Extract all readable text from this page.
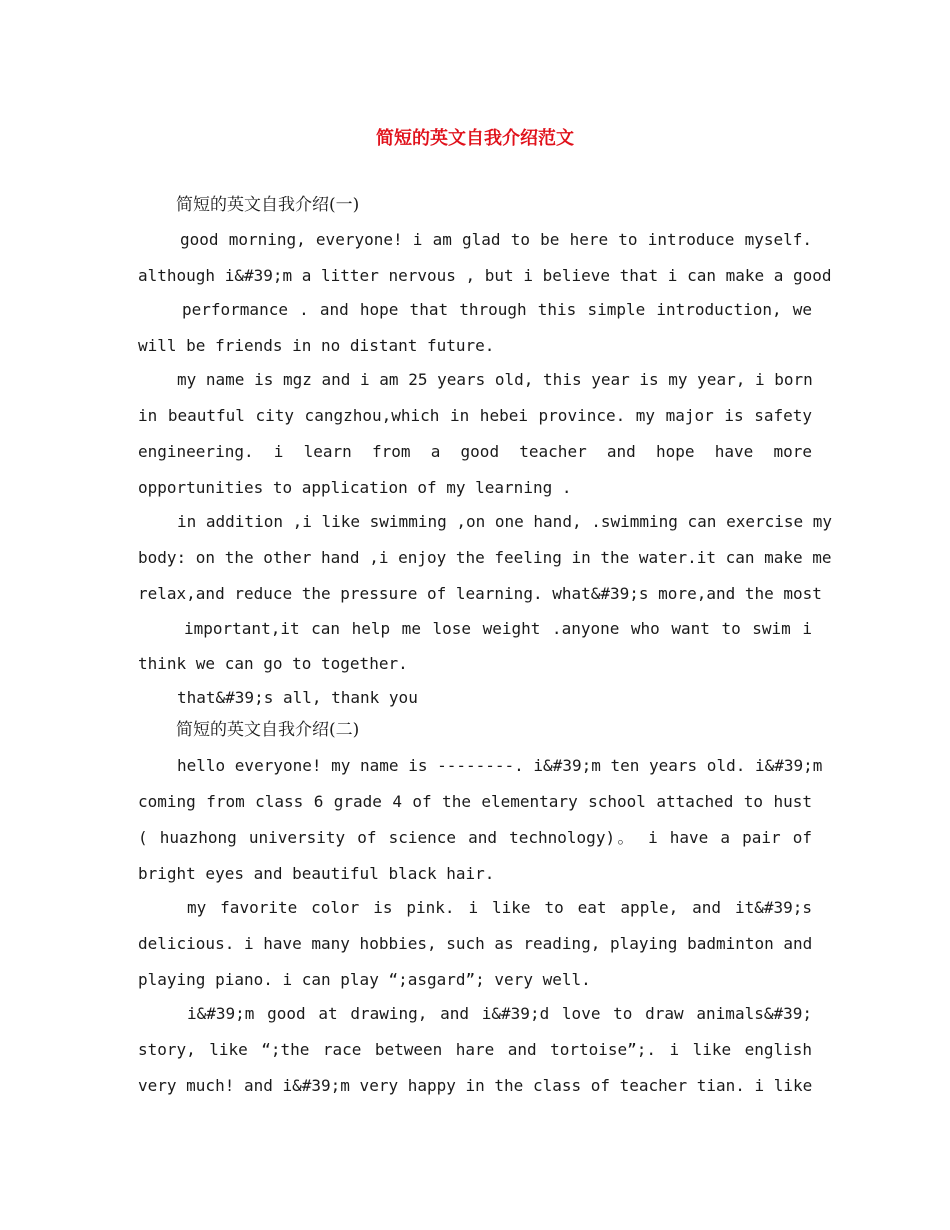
简短的英文自我介绍范文
简短的英文自我介绍(一)
good morning, everyone! i am glad to be here to introduce myself.
although i&#39;m a litter nervous , but i believe that i can make a good
performance . and hope that through this simple introduction, we
will be friends in no distant future.
my name is mgz and i am 25 years old, this year is my year, i born
in beautful city cangzhou,which in hebei province. my major is safety
engineering. i learn from a good teacher and hope have more
opportunities to application of my learning .
in addition ,i like swimming ,on one hand, .swimming can exercise my
body: on the other hand ,i enjoy the feeling in the water.it can make me
relax,and reduce the pressure of learning. what&#39;s more,and the most
important,it can help me lose weight .anyone who want to swim i
think we can go to together.
that&#39;s all, thank you
简短的英文自我介绍(二)
hello everyone! my name is --------. i&#39;m ten years old. i&#39;m
coming from class 6 grade 4 of the elementary school attached to hust
( huazhong university of science and technology)。 i have a pair of
bright eyes and beautiful black hair.
my favorite color is pink. i like to eat apple, and it&#39;s
delicious. i have many hobbies, such as reading, playing badminton and
playing piano. i can play “;asgard”; very well.
i&#39;m good at drawing, and i&#39;d love to draw animals&#39;
story, like “;the race between hare and tortoise”;. i like english
very much! and i&#39;m very happy in the class of teacher tian. i like
